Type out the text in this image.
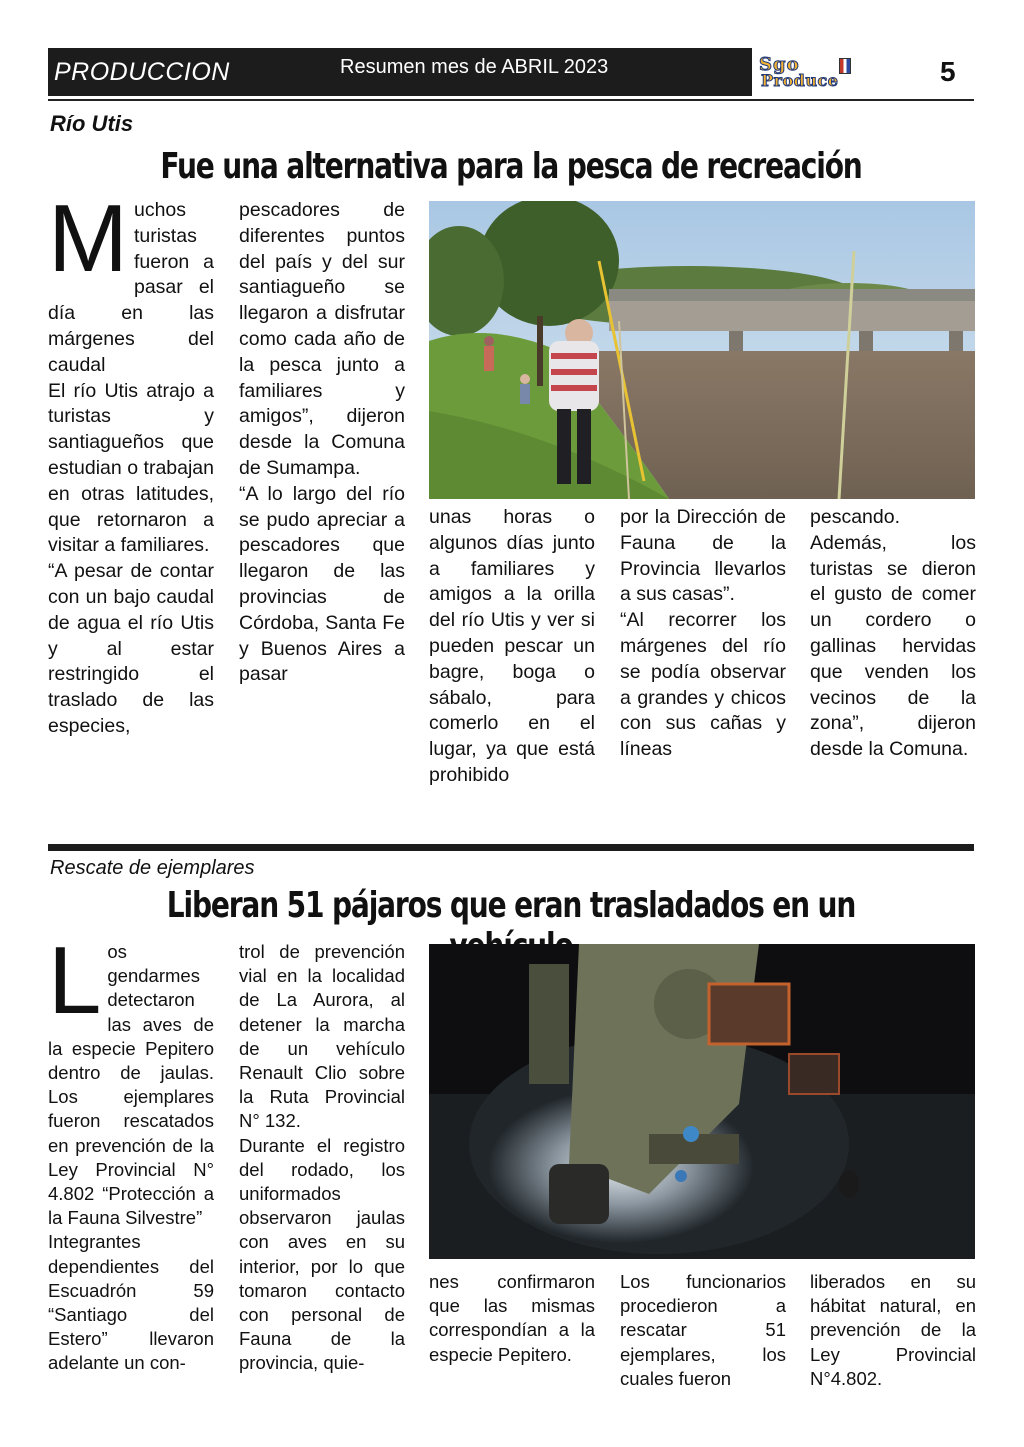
PRODUCCION	Resumen mes de ABRIL 2023	Sgo
Produce	5
Río Utis
Fue una alternativa para la pesca de recreación
M uchos turistas fueron a pasar el día en las márgenes del caudal
El río Utis atrajo a turistas y santiagueños que estudian o trabajan en otras latitudes, que retornaron a visitar a familiares.
“A pesar de contar con un bajo caudal de agua el río Utis y al estar restringido el traslado de las especies,
pescadores de diferentes puntos del país y del sur santiagueño se llegaron a disfrutar como cada año de la pesca junto a familiares y amigos”, dijeron desde la Comuna de Sumampa.
“A lo largo del río se pudo apreciar a pescadores que llegaron de las provincias de Córdoba, Santa Fe y Buenos Aires a pasar
unas horas o algunos días junto a familiares y amigos a la orilla del río Utis y ver si pueden pescar un bagre, boga o sábalo, para comerlo en el lugar, ya que está prohibido
por la Dirección de Fauna de la Provincia llevarlos a sus casas”.
“Al recorrer los márgenes del río se podía observar a grandes y chicos con sus cañas y líneas
pescando. Además, los turistas se dieron el gusto de comer un cordero o gallinas hervidas que venden los vecinos de la zona”, dijeron desde la Comuna.
Rescate de ejemplares
Liberan 51 pájaros que eran trasladados en un
L os gendarmes detectaron las aves de la especie Pepitero dentro de jaulas. Los ejemplares fueron rescatados en prevención de la Ley Provincial N° 4.802 “Protección a la Fauna Silvestre”
Integrantes dependientes del Escuadrón 59 “Santiago del Estero” llevaron adelante un con-
trol de prevención vial en la localidad de La Aurora, al detener la marcha de un vehículo Renault Clio sobre la Ruta Provincial N° 132.
Durante el registro del rodado, los uniformados observaron jaulas con aves en su interior, por lo que tomaron contacto con personal de Fauna de la provincia, quie-
nes confirmaron que las mismas correspondían a la especie Pepitero.
Los funcionarios procedieron a rescatar 51 ejemplares, los cuales fueron
liberados en su hábitat natural, en prevención de la Ley Provincial N°4.802.
